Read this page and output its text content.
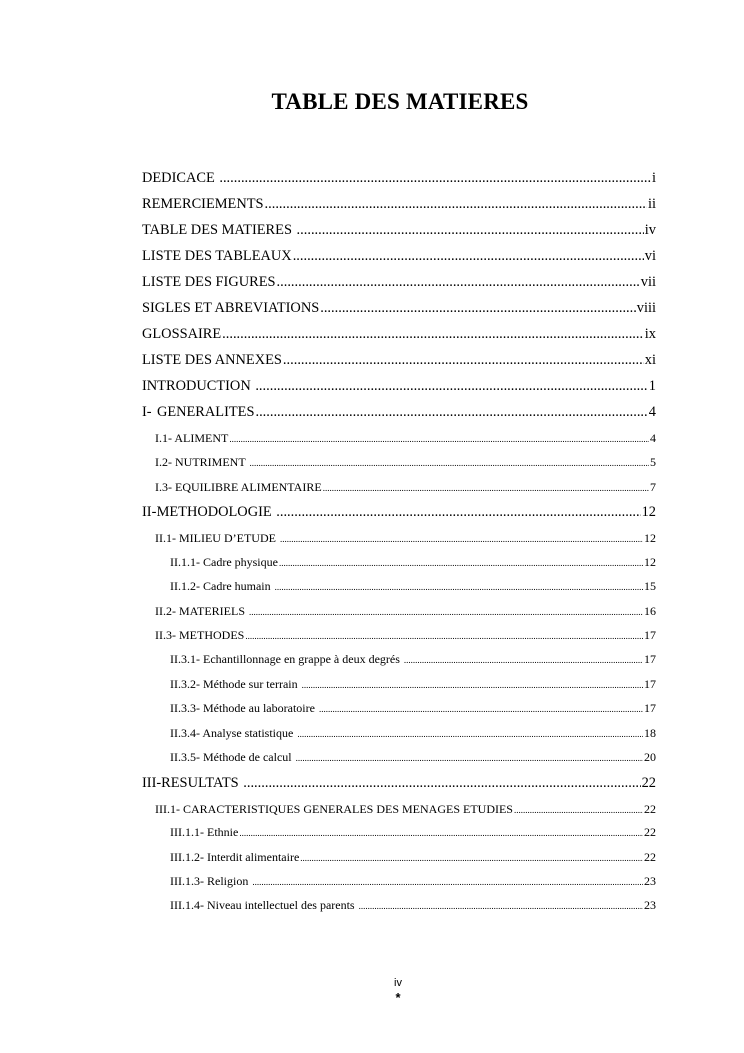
TABLE DES MATIERES
DEDICACE .....	i
REMERCIEMENTS .....	ii
TABLE DES MATIERES .....	iv
LISTE DES TABLEAUX .....	vi
LISTE DES FIGURES .....	vii
SIGLES ET ABREVIATIONS .....	viii
GLOSSAIRE .....	ix
LISTE DES ANNEXES .....	xi
INTRODUCTION .....	1
I- GENERALITES .....	4
I.1- ALIMENT .....	4
I.2- NUTRIMENT .....	5
I.3- EQUILIBRE ALIMENTAIRE .....	7
II- METHODOLOGIE .....	12
II.1- MILIEU D’ETUDE .....	12
II.1.1- Cadre physique .....	12
II.1.2- Cadre humain .....	15
II.2- MATERIELS .....	16
II.3- METHODES .....	17
II.3.1- Echantillonnage en grappe à deux degrés .....	17
II.3.2- Méthode sur terrain .....	17
II.3.3- Méthode au laboratoire .....	17
II.3.4- Analyse statistique .....	18
II.3.5- Méthode de calcul .....	20
III- RESULTATS .....	22
III.1- CARACTERISTIQUES GENERALES DES MENAGES ETUDIES .....	22
III.1.1- Ethnie .....	22
III.1.2- Interdit alimentaire .....	22
III.1.3- Religion .....	23
III.1.4- Niveau intellectuel des parents .....	23
iv
*
